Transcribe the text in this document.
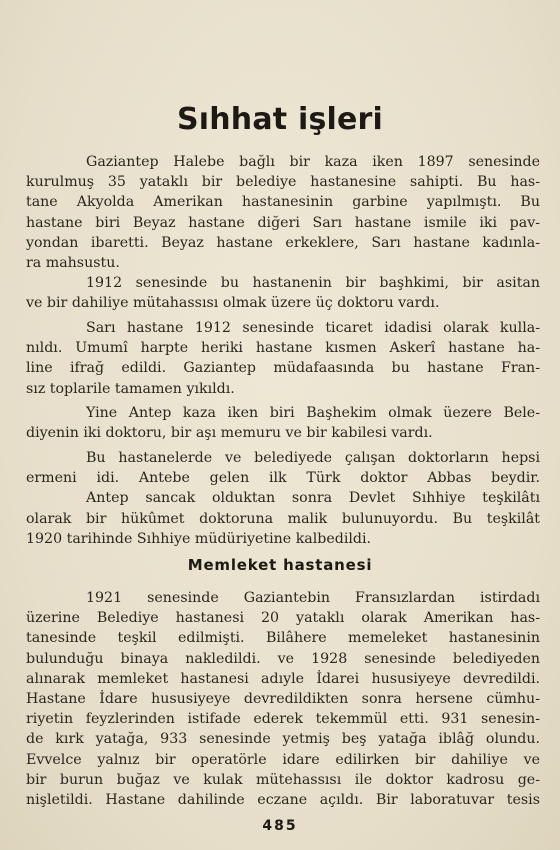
Sıhhat işleri

Gaziantep Halebe bağlı bir kaza iken 1897 senesinde
kurulmuş 35 yataklı bir belediye hastanesine sahipti. Bu has-
tane Akyolda Amerikan hastanesinin garbine yapılmıştı. Bu
hastane biri Beyaz hastane diğeri Sarı hastane ismile iki pav-
yondan ibaretti. Beyaz hastane erkeklere, Sarı hastane kadınla-
ra mahsustu.

1912 senesinde bu hastanenin bir başhkimi, bir asitan
ve bir dahiliye mütahassısı olmak üzere üç doktoru vardı.

Sarı hastane 1912 senesinde ticaret idadisi olarak kulla-
nıldı. Umumî harpte heriki hastane kısmen Askerî hastane ha-
line ifrağ edildi. Gaziantep müdafaasında bu hastane Fran-
sız toplarile tamamen yıkıldı.

Yine Antep kaza iken biri Başhekim olmak üezere Bele-
diyenin iki doktoru, bir aşı memuru ve bir kabilesi vardı.

Bu hastanelerde ve belediyede çalışan doktorların hepsi
ermeni idi. Antebe gelen ilk Türk doktor Abbas beydir.
Antep sancak olduktan sonra Devlet Sıhhiye teşkilâtı
olarak bir hükûmet doktoruna malik bulunuyordu. Bu teşkilât
1920 tarihinde Sıhhiye müdüriyetine kalbedildi.

Memleket hastanesi

1921 senesinde Gaziantebin Fransızlardan istirdadı
üzerine Belediye hastanesi 20 yataklı olarak Amerikan has-
tanesinde teşkil edilmişti. Bilâhere memeleket hastanesinin
bulunduğu binaya nakledildi. ve 1928 senesinde belediyeden
alınarak memleket hastanesi adıyle İdarei hususiyeye devredildi.
Hastane İdare hususiyeye devredildikten sonra hersene cümhu-
riyetin feyzlerinden istifade ederek tekemmül etti. 931 senesin-
de kırk yatağa, 933 senesinde yetmiş beş yatağa iblâğ olundu.
Evvelce yalnız bir operatörle idare edilirken bir dahiliye ve
bir burun buğaz ve kulak mütehassısı ile doktor kadrosu ge-
nişletildi. Hastane dahilinde eczane açıldı. Bir laboratuvar tesis

485
